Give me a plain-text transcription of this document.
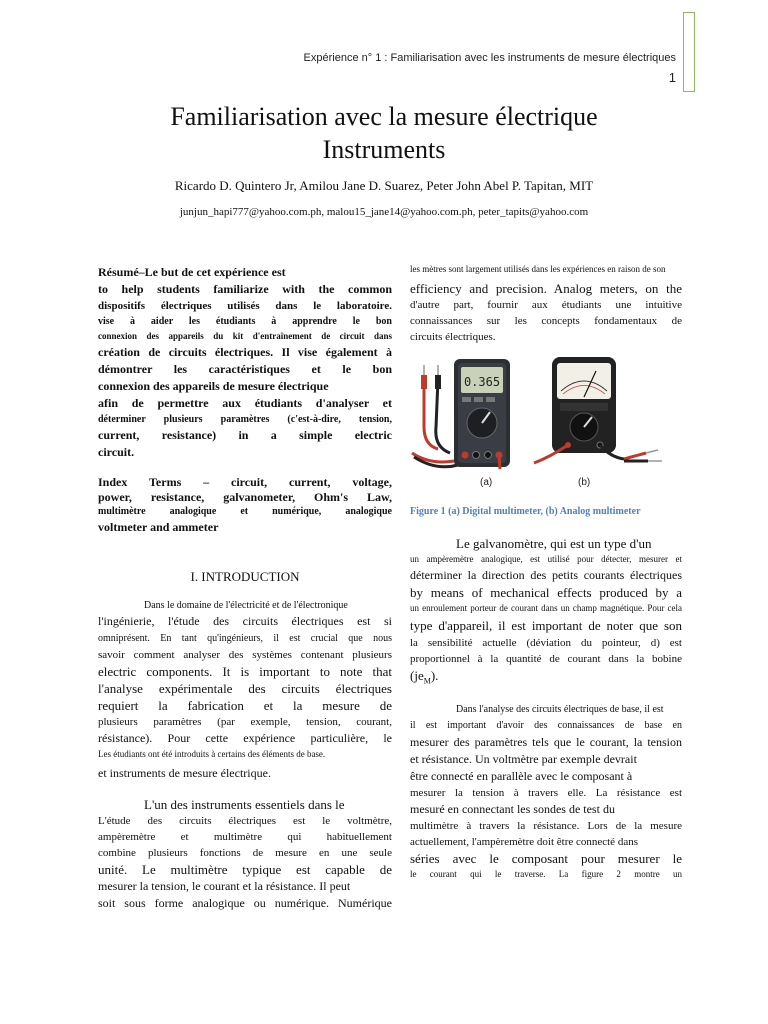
Expérience n° 1 : Familiarisation avec les instruments de mesure électriques
1
Familiarisation avec la mesure électrique
Instruments
Ricardo D. Quintero Jr, Amilou Jane D. Suarez, Peter John Abel P. Tapitan, MIT
junjun_hapi777@yahoo.com.ph, malou15_jane14@yahoo.com.ph, peter_tapits@yahoo.com
Résumé–Le but de cet expérience est
to help students familiarize with the common
dispositifs électriques utilisés dans le laboratoire.
vise à aider les étudiants à apprendre le bon
connexion des appareils du kit d'entraînement de circuit dans
création de circuits électriques. Il vise également à
démontrer les caractéristiques et le bon
connexion des appareils de mesure électrique
afin de permettre aux étudiants d'analyser et
déterminer plusieurs paramètres (c'est-à-dire, tension,
current, resistance) in a simple electric
circuit.
Index Terms – circuit, current, voltage,
power, resistance, galvanometer, Ohm's Law,
multimètre analogique et numérique, analogique
voltmeter and ammeter
I. INTRODUCTION
Dans le domaine de l'électricité et de l'électronique
l'ingénierie, l'étude des circuits électriques est si
omniprésent. En tant qu'ingénieurs, il est crucial que nous
savoir comment analyser des systèmes contenant plusieurs
electric components. It is important to note that
l'analyse expérimentale des circuits électriques
requiert la fabrication et la mesure de
plusieurs paramètres (par exemple, tension, courant,
résistance). Pour cette expérience particulière, le
Les étudiants ont été introduits à certains des éléments de base.
et instruments de mesure électrique.
L'un des instruments essentiels dans le
L'étude des circuits électriques est le voltmètre,
ampèremètre et multimètre qui habituellement
combine plusieurs fonctions de mesure en une seule
unité. Le multimètre typique est capable de
mesurer la tension, le courant et la résistance. Il peut
soit sous forme analogique ou numérique. Numérique
les mètres sont largement utilisés dans les expériences en raison de son
efficiency and precision. Analog meters, on the
d'autre part, fournir aux étudiants une intuitive
connaissances sur les concepts fondamentaux de
circuits électriques.
0.365
(a)	(b)
Figure 1 (a) Digital multimeter, (b) Analog multimeter
Le galvanomètre, qui est un type d'un
un ampèremètre analogique, est utilisé pour détecter, mesurer et
déterminer la direction des petits courants électriques
by means of mechanical effects produced by a
un enroulement porteur de courant dans un champ magnétique. Pour cela
type d'appareil, il est important de noter que son
la sensibilité actuelle (déviation du pointeur, d) est
proportionnel à la quantité de courant dans la bobine
$(je_M)$.
Dans l'analyse des circuits électriques de base, il est
il est important d'avoir des connaissances de base en
mesurer des paramètres tels que le courant, la tension
et résistance. Un voltmètre par exemple devrait
être connecté en parallèle avec le composant à
mesurer la tension à travers elle. La résistance est
mesuré en connectant les sondes de test du
multimètre à travers la résistance. Lors de la mesure
actuellement, l'ampèremètre doit être connecté dans
séries avec le composant pour mesurer le
le courant qui le traverse. La figure 2 montre un
